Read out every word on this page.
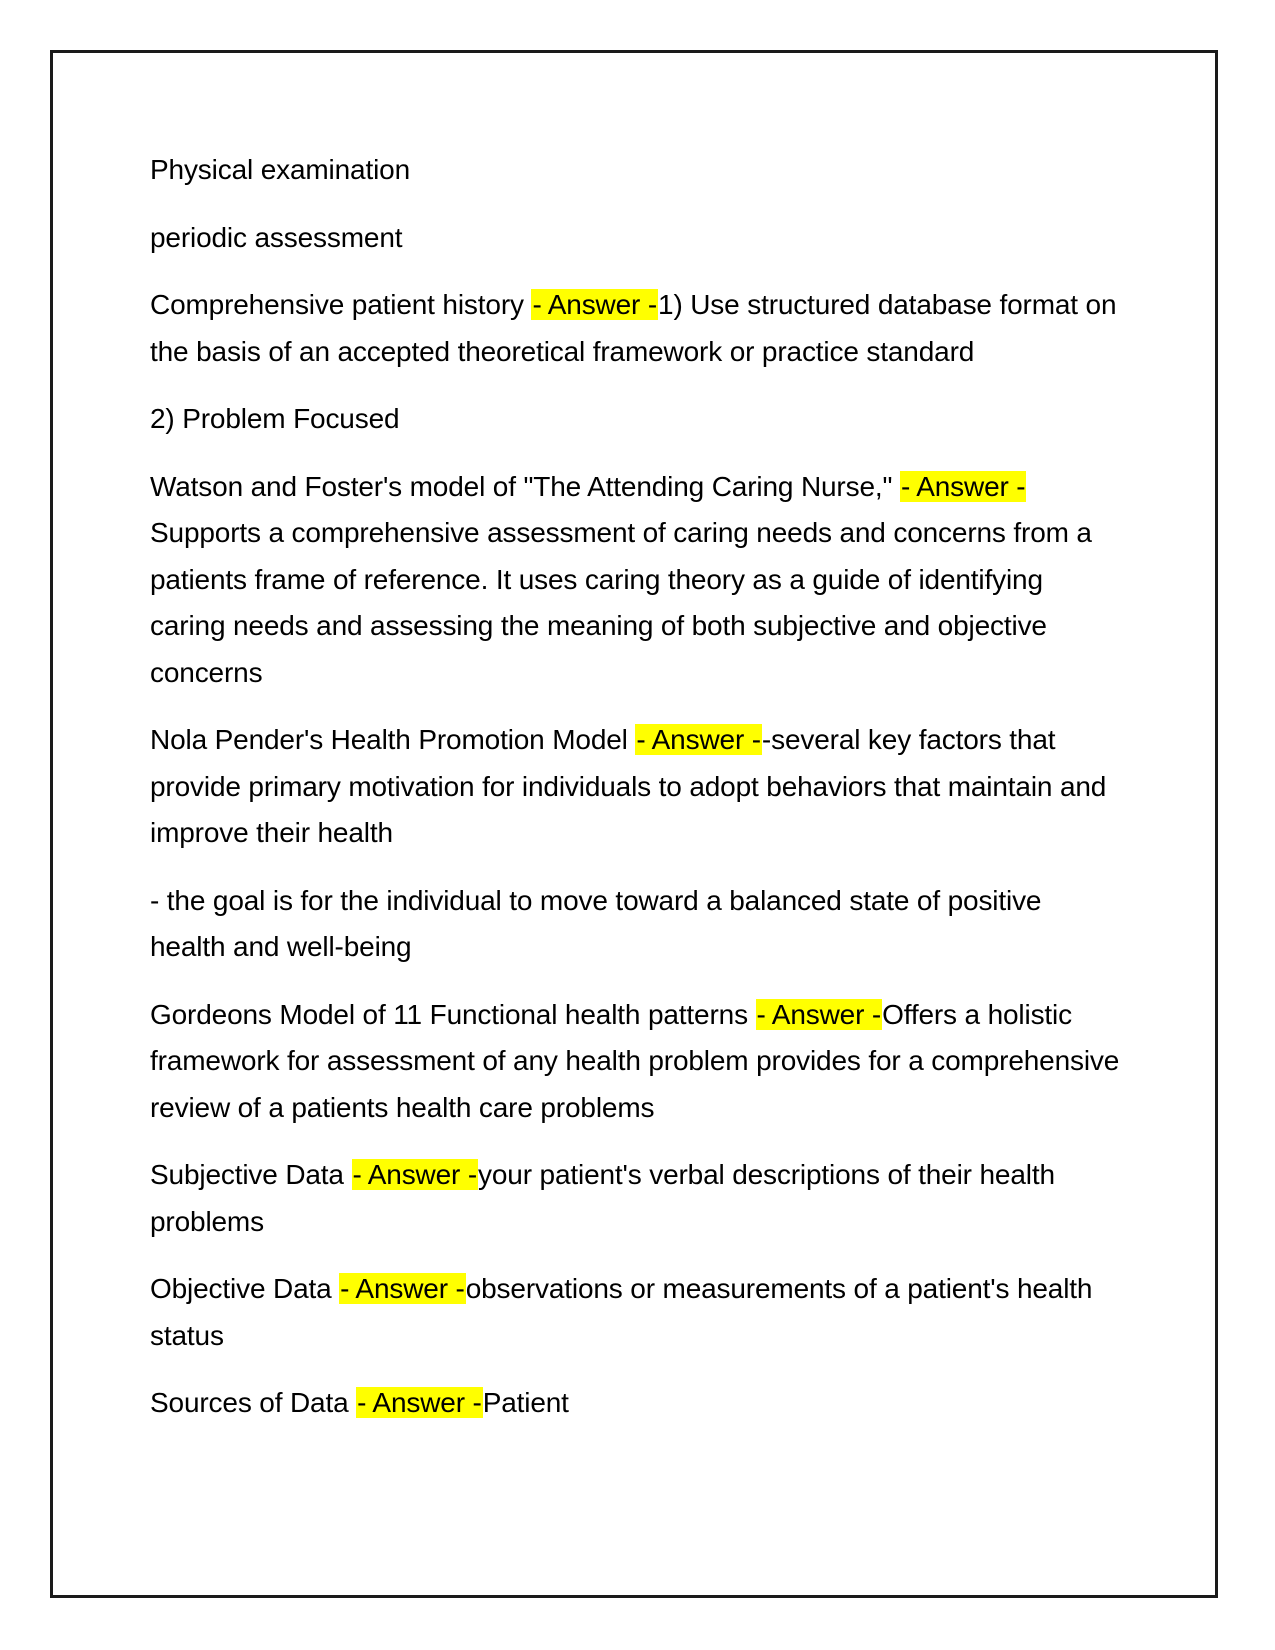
Physical examination

periodic assessment

Comprehensive patient history - Answer -1) Use structured database format on the basis of an accepted theoretical framework or practice standard

2) Problem Focused

Watson and Foster's model of "The Attending Caring Nurse," - Answer - Supports a comprehensive assessment of caring needs and concerns from a patients frame of reference. It uses caring theory as a guide of identifying caring needs and assessing the meaning of both subjective and objective concerns

Nola Pender's Health Promotion Model - Answer --several key factors that provide primary motivation for individuals to adopt behaviors that maintain and improve their health

- the goal is for the individual to move toward a balanced state of positive health and well-being

Gordeons Model of 11 Functional health patterns - Answer -Offers a holistic framework for assessment of any health problem provides for a comprehensive review of a patients health care problems

Subjective Data - Answer -your patient's verbal descriptions of their health problems

Objective Data - Answer -observations or measurements of a patient's health status

Sources of Data - Answer -Patient
